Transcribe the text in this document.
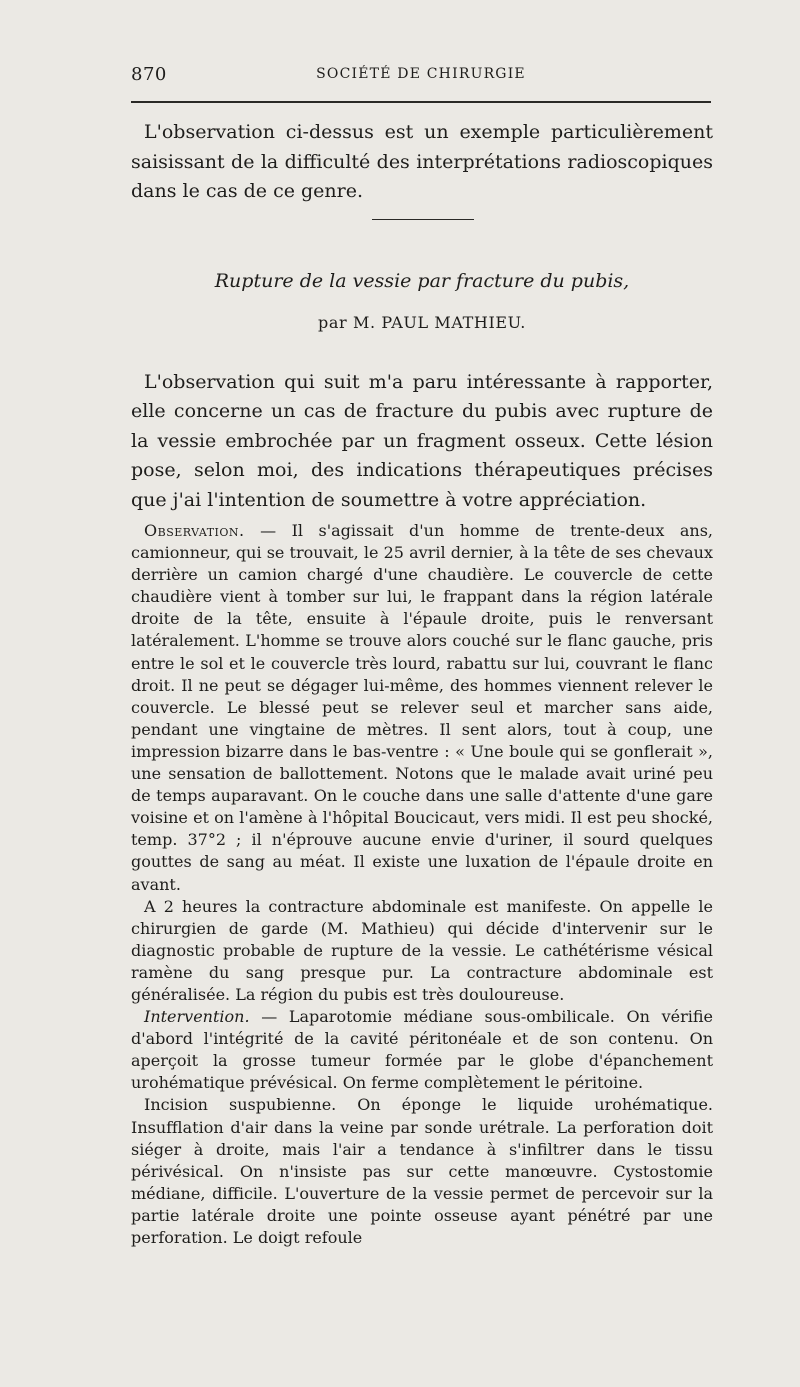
870	SOCIÉTÉ DE CHIRURGIE

L'observation ci-dessus est un exemple particulièrement saisissant de la difficulté des interprétations radioscopiques dans le cas de ce genre.

Rupture de la vessie par fracture du pubis,
par M. PAUL MATHIEU.

L'observation qui suit m'a paru intéressante à rapporter, elle concerne un cas de fracture du pubis avec rupture de la vessie embrochée par un fragment osseux. Cette lésion pose, selon moi, des indications thérapeutiques précises que j'ai l'intention de soumettre à votre appréciation.

Observation. — Il s'agissait d'un homme de trente-deux ans, camionneur, qui se trouvait, le 25 avril dernier, à la tête de ses chevaux derrière un camion chargé d'une chaudière. Le couvercle de cette chaudière vient à tomber sur lui, le frappant dans la région latérale droite de la tête, ensuite à l'épaule droite, puis le renversant latéralement. L'homme se trouve alors couché sur le flanc gauche, pris entre le sol et le couvercle très lourd, rabattu sur lui, couvrant le flanc droit. Il ne peut se dégager lui-même, des hommes viennent relever le couvercle. Le blessé peut se relever seul et marcher sans aide, pendant une vingtaine de mètres. Il sent alors, tout à coup, une impression bizarre dans le bas-ventre : « Une boule qui se gonflerait », une sensation de ballottement. Notons que le malade avait uriné peu de temps auparavant. On le couche dans une salle d'attente d'une gare voisine et on l'amène à l'hôpital Boucicaut, vers midi. Il est peu shocké, temp. 37°2 ; il n'éprouve aucune envie d'uriner, il sourd quelques gouttes de sang au méat. Il existe une luxation de l'épaule droite en avant.

A 2 heures la contracture abdominale est manifeste. On appelle le chirurgien de garde (M. Mathieu) qui décide d'intervenir sur le diagnostic probable de rupture de la vessie. Le cathétérisme vésical ramène du sang presque pur. La contracture abdominale est généralisée. La région du pubis est très douloureuse.

Intervention. — Laparotomie médiane sous-ombilicale. On vérifie d'abord l'intégrité de la cavité péritonéale et de son contenu. On aperçoit la grosse tumeur formée par le globe d'épanchement urohématique prévésical. On ferme complètement le péritoine.

Incision suspubienne. On éponge le liquide urohématique. Insufflation d'air dans la veine par sonde urétrale. La perforation doit siéger à droite, mais l'air a tendance à s'infiltrer dans le tissu périvésical. On n'insiste pas sur cette manœuvre. Cystostomie médiane, difficile. L'ouverture de la vessie permet de percevoir sur la partie latérale droite une pointe osseuse ayant pénétré par une perforation. Le doigt refoule
